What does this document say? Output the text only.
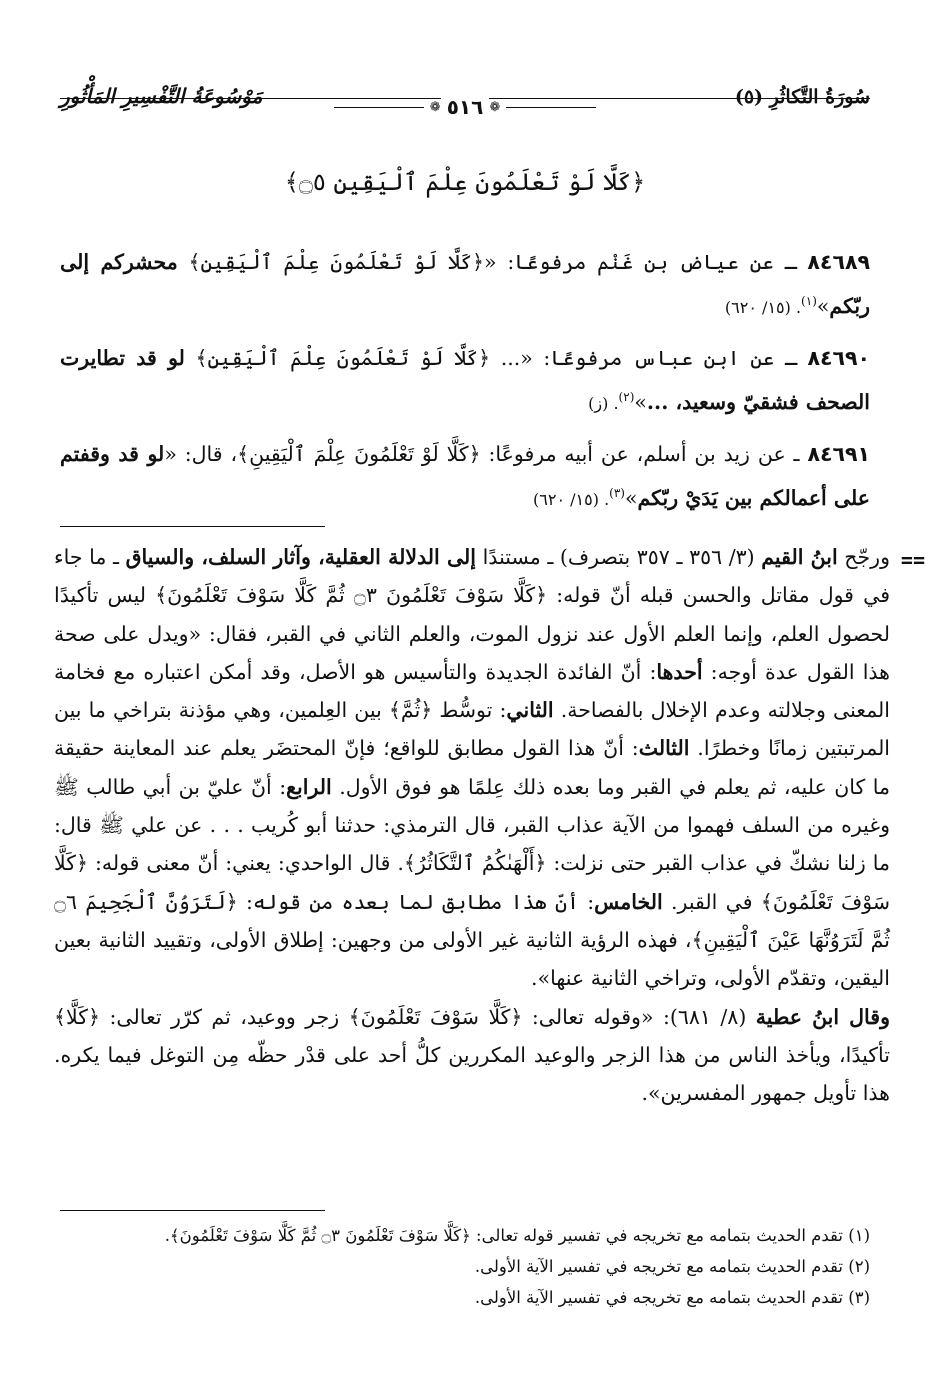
سُورَةُ التَّكاثُرِ (٥)
مَوْسُوعَةُ التَّفْسِيرِ المَأْثُورِ	❁
٥١٦
❁
﴿كَلَّا لَوْ تَعْلَمُونَ عِلْمَ ٱلْيَقِينِ ۝٥﴾

٨٤٦٨٩ ـ عن عياض بن غَنْم مرفوعًا: «﴿كَلَّا لَوْ تَعْلَمُونَ عِلْمَ ٱلْيَقِينِ﴾ محشركم إلى ربّكم»$^{(١)}$. (١٥/ ٦٢٠)

٨٤٦٩٠ ـ عن ابن عباس مرفوعًا: «... ﴿كَلَّا لَوْ تَعْلَمُونَ عِلْمَ ٱلْيَقِينِ﴾ لو قد تطايرت الصحف فشقيّ وسعيد، ...»$^{(٢)}$. (ز)

٨٤٦٩١ ـ عن زيد بن أسلم، عن أبيه مرفوعًا: ﴿كَلَّا لَوْ تَعْلَمُونَ عِلْمَ ٱلْيَقِينِ﴾، قال: «لو قد وقفتم على أعمالكم بين يَدَيْ ربّكم»$^{(٣)}$. (١٥/ ٦٢٠)

ورجّح ابنُ القيم (٣/ ٣٥٦ ـ ٣٥٧ بتصرف) ـ مستندًا إلى الدلالة العقلية، وآثار السلف، والسياق ـ ما جاء في قول مقاتل والحسن قبله أنّ قوله: ﴿كَلَّا سَوْفَ تَعْلَمُونَ ۝٣ ثُمَّ كَلَّا سَوْفَ تَعْلَمُونَ﴾ ليس تأكيدًا لحصول العلم، وإنما العلم الأول عند نزول الموت، والعلم الثاني في القبر، فقال: «ويدل على صحة هذا القول عدة أوجه: أحدها: أنّ الفائدة الجديدة والتأسيس هو الأصل، وقد أمكن اعتباره مع فخامة المعنى وجلالته وعدم الإخلال بالفصاحة. الثاني: توسُّط ﴿ثُمَّ﴾ بين العِلمين، وهي مؤذنة بتراخي ما بين المرتبتين زمانًا وخطرًا. الثالث: أنّ هذا القول مطابق للواقع؛ فإنّ المحتضَر يعلم عند المعاينة حقيقة ما كان عليه، ثم يعلم في القبر وما بعده ذلك عِلمًا هو فوق الأول. الرابع: أنّ عليّ بن أبي طالب ﷺ وغيره من السلف فهموا من الآية عذاب القبر، قال الترمذي: حدثنا أبو كُريب . . . عن علي ﷺ قال: ما زلنا نشكّ في عذاب القبر حتى نزلت: ﴿أَلْهَىٰكُمُ ٱلتَّكَاثُرُ﴾. قال الواحدي: يعني: أنّ معنى قوله: ﴿كَلَّا سَوْفَ تَعْلَمُونَ﴾ في القبر. الخامس: أنّ هذا مطابق لما بعده من قوله: ﴿لَتَرَوُنَّ ٱلْجَحِيمَ ۝٦ ثُمَّ لَتَرَوُنَّهَا عَيْنَ ٱلْيَقِينِ﴾، فهذه الرؤية الثانية غير الأولى من وجهين: إطلاق الأولى، وتقييد الثانية بعين اليقين، وتقدّم الأولى، وتراخي الثانية عنها».

وقال ابنُ عطية (٨/ ٦٨١): «وقوله تعالى: ﴿كَلَّا سَوْفَ تَعْلَمُونَ﴾ زجر ووعيد، ثم كرّر تعالى: ﴿كَلَّا﴾ تأكيدًا، ويأخذ الناس من هذا الزجر والوعيد المكررين كلُّ أحد على قدْر حظّه مِن التوغل فيما يكره. هذا تأويل جمهور المفسرين».

==
(١) تقدم الحديث بتمامه مع تخريجه في تفسير قوله تعالى: ﴿كَلَّا سَوْفَ تَعْلَمُونَ ۝٣ ثُمَّ كَلَّا سَوْفَ تَعْلَمُونَ﴾.
(٢) تقدم الحديث بتمامه مع تخريجه في تفسير الآية الأولى.
(٣) تقدم الحديث بتمامه مع تخريجه في تفسير الآية الأولى.
